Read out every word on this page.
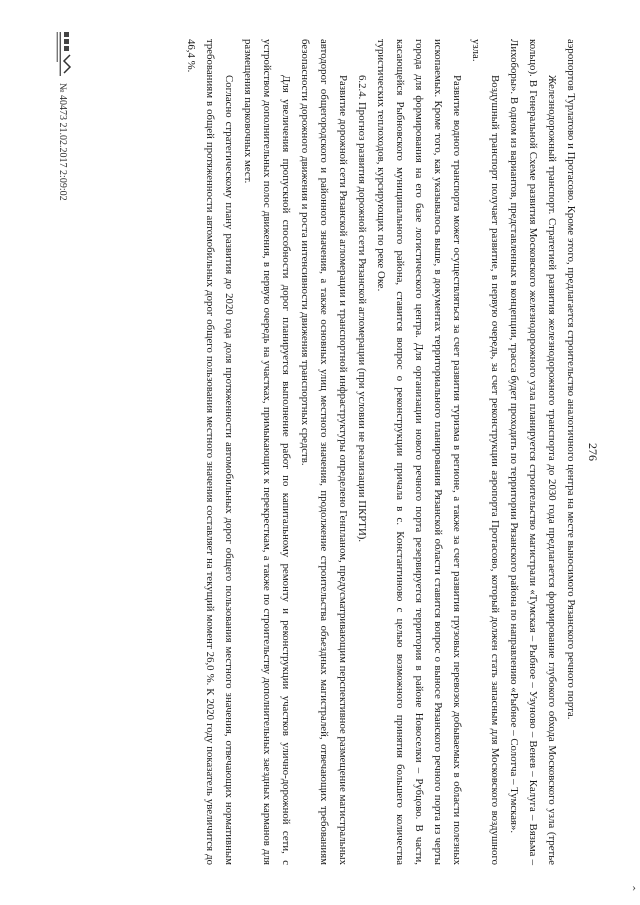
276

аэропортов Турлатово и Протасово. Кроме этого, предлагается строительство аналогичного центра на месте выносимого Рязанского речного порта.

Железнодорожный транспорт. Стратегией развития железнодорожного транспорта до 2030 года предлагается формирование глубокого обхода Московского узла (третье кольцо). В Генеральной Схеме развития Московского железнодорожного узла планируется строительство магистрали «Тумская – Рыбное – Узуново – Венев – Калуга – Вязьма – Лихоборы». В одном из вариантов, представленных в концепции, трасса будет проходить по территории Рязанского района по направлению «Рыбное – Солотча – Тумская».

Воздушный транспорт получает развитие, в первую очередь, за счет реконструкции аэропорта Протасово, который должен стать запасным для Московского воздушного узла.

Развитие водного транспорта может осуществляться за счет развития туризма в регионе, а также за счет развития грузовых перевозок добываемых в области полезных ископаемых. Кроме того, как указывалось выше, в документах территориального планирования Рязанской области ставится вопрос о выносе Рязанского речного порта из черты города для формирования на его базе логистического центра. Для организации нового речного порта резервируется территория в районе Новоселки – Рубцово. В части, касающейся Рыбновского муниципального района, ставится вопрос о реконструкции причала в с. Константиново с целью возможного принятия большего количества туристических теплоходов, курсирующих по реке Оке.

6.2.4. Прогноз развития дорожной сети Рязанской агломерации (при условии не реализации ПКРТИ).

Развитие дорожной сети Рязанской агломерации и транспортной инфраструктуры определено Генпланом, предусматривающим перспективное размещение магистральных автодорог общегородского и районного значения, а также основных улиц местного значения, продолжение строительства объездных магистралей, отвечающих требованиям безопасности дорожного движения и роста интенсивности движения транспортных средств.

Для увеличения пропускной способности дорог планируется выполнение работ по капитальному ремонту и реконструкции участков улично-дорожной сети, с устройством дополнительных полос движения, в первую очередь на участках, примыкающих к перекресткам, а также по строительству дополнительных заездных карманов для размещения парковочных мест.

Согласно стратегическому плану развития до 2020 года доля протяженности автомобильных дорог общего пользования местного значения, отвечающих нормативным требованиям в общей протяженности автомобильных дорог общего пользования местного значения составляет на текущий момент 26,0 %. К 2020 году показатель увеличится до 46,4 %.

№ 40473 21.02.2017 2:09:02
›
